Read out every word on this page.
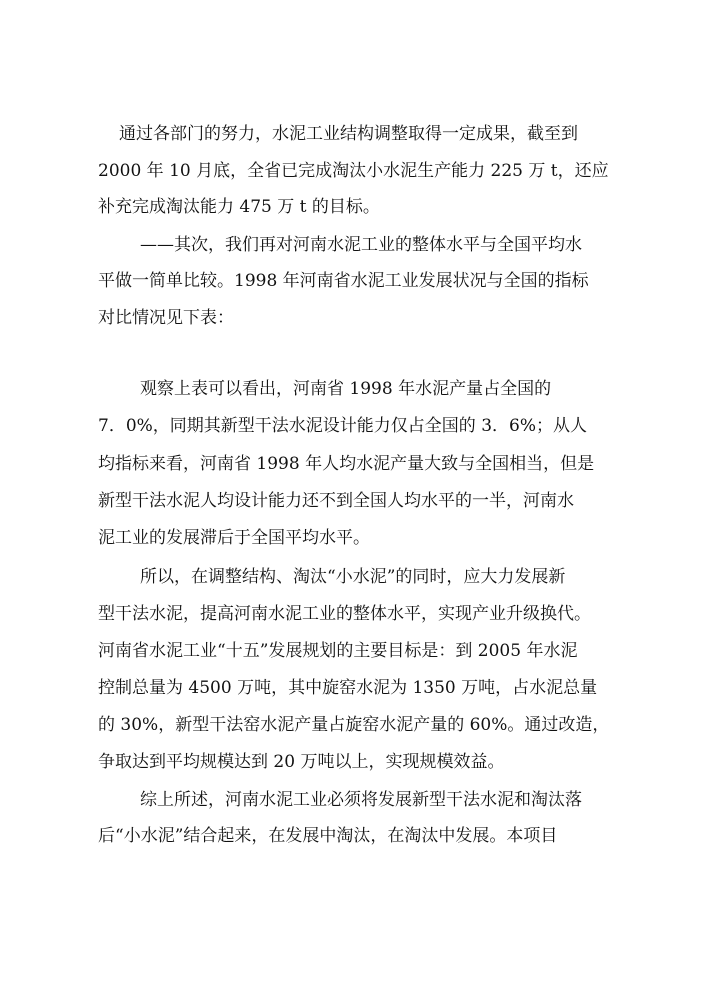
通过各部门的努力，水泥工业结构调整取得一定成果，截至到

2000 年 10 月底，全省已完成淘汰小水泥生产能力 225 万 t，还应

补充完成淘汰能力 475 万 t 的目标。

——其次，我们再对河南水泥工业的整体水平与全国平均水

平做一简单比较。1998 年河南省水泥工业发展状况与全国的指标

对比情况见下表：

观察上表可以看出，河南省 1998 年水泥产量占全国的

7．0%，同期其新型干法水泥设计能力仅占全国的 3．6%；从人

均指标来看，河南省 1998 年人均水泥产量大致与全国相当，但是

新型干法水泥人均设计能力还不到全国人均水平的一半，河南水

泥工业的发展滞后于全国平均水平。

所以，在调整结构、淘汰“小水泥”的同时，应大力发展新

型干法水泥，提高河南水泥工业的整体水平，实现产业升级换代。

河南省水泥工业“十五”发展规划的主要目标是：到 2005 年水泥

控制总量为 4500 万吨，其中旋窑水泥为 1350 万吨，占水泥总量

的 30%，新型干法窑水泥产量占旋窑水泥产量的 60%。通过改造，

争取达到平均规模达到 20 万吨以上，实现规模效益。

综上所述，河南水泥工业必须将发展新型干法水泥和淘汰落

后“小水泥”结合起来，在发展中淘汰，在淘汰中发展。本项目
